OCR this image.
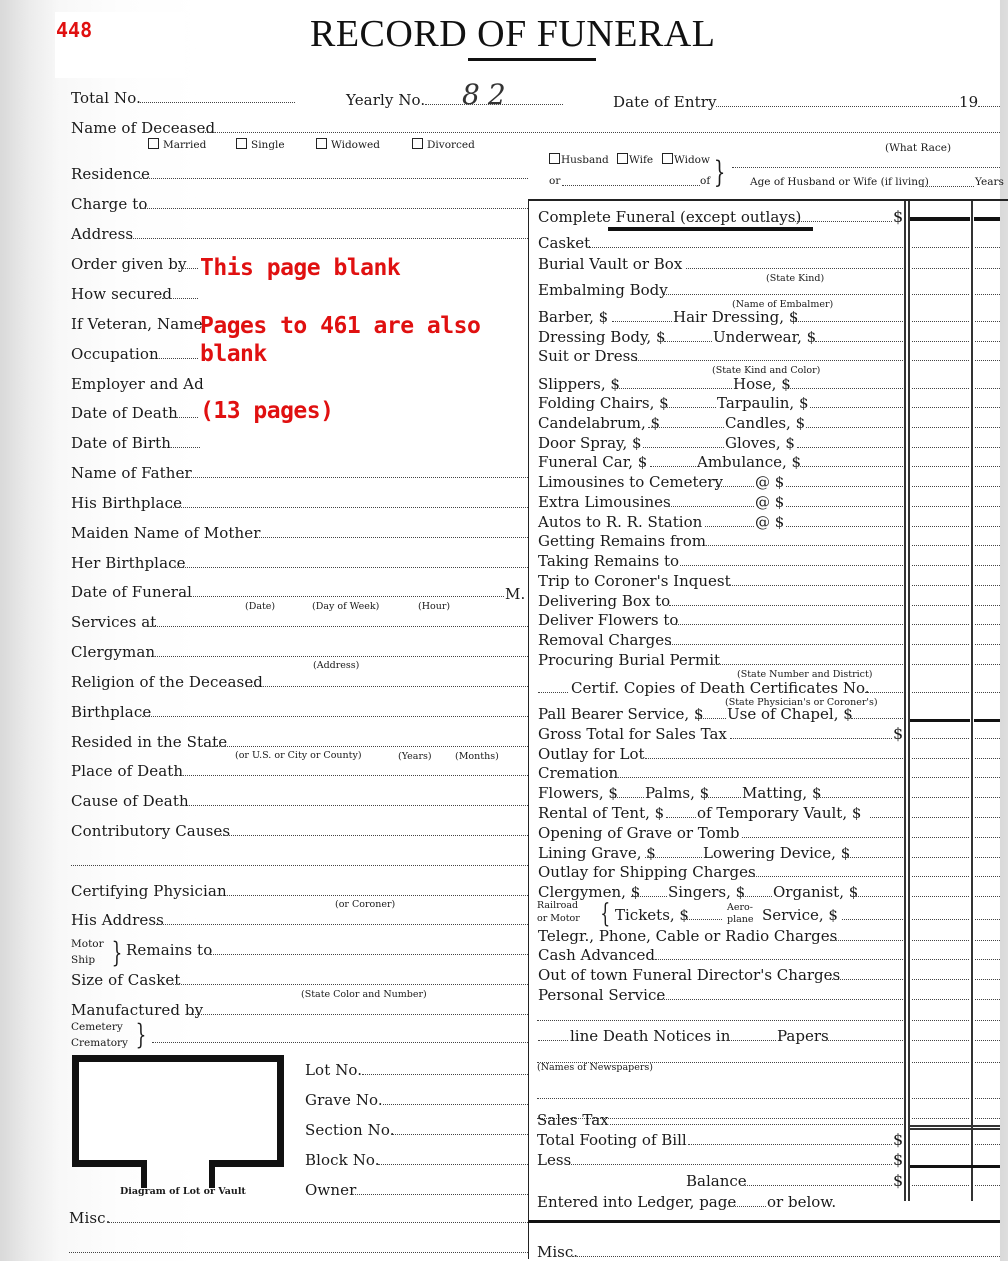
448	RECORD OF FUNERAL
Total No.	Yearly No. 82	Date of Entry	19
Name of Deceased
Married	Single	Widowed	Divorced	(What Race)
Husband	Wife	Widow
or	of } Age of Husband or Wife (if living)	Years
This page blank
Pages to 461 are also
blank
(13 pages)
Residence
Charge to
Address
Order given by
How secured
If Veteran, Name
Occupation
Employer and Ad
Date of Death
Date of Birth
Name of Father
His Birthplace
Maiden Name of Mother
Her Birthplace
Date of Funeral
Services at
Clergyman
Religion of the Deceased
Birthplace
Resided in the State
Place of Death
Cause of Death
Contributory Causes
Certifying Physician
His Address
Size of Casket
Manufactured by
(Date)	(Day of Week)	(Hour)
M.
(Address)
(or U.S. or City or County)	(Years) (Months)
(or Coroner)
(State Color and Number)
Motor
Ship } Remains to
Cemetery
Crematory }
Diagram of Lot or Vault
Lot No.
Grave No.
Section No.
Block No.
Owner
Misc.
Complete Funeral (except outlays)	$
Casket
Burial Vault or Box
Embalming Body
Barber, $	Hair Dressing, $
Dressing Body, $	Underwear, $
Suit or Dress
Slippers, $	Hose, $
Folding Chairs, $	Tarpaulin, $
Candelabrum, $	Candles, $
Door Spray, $	Gloves, $
Funeral Car, $	Ambulance, $
Limousines to Cemetery @ $
Extra Limousines	@ $
Autos to R. R. Station	@ $
Getting Remains from
Taking Remains to
Trip to Coroner's Inquest
Delivering Box to
Deliver Flowers to
Removal Charges
Procuring Burial Permit
Certif. Copies of Death Certificates No.
Pall Bearer Service, $ Use of Chapel, $
Gross Total for Sales Tax	$
Outlay for Lot
Cremation
Flowers, $ Palms, $ Matting, $
Rental of Tent, $ of Temporary Vault, $
Opening of Grave or Tomb
Lining Grave, $	Lowering Device, $
Outlay for Shipping Charges
Clergymen, $ Singers, $ Organist, $
Tickets, $	Service, $
Telegr., Phone, Cable or Radio Charges
Cash Advanced
Out of town Funeral Director's Charges
Personal Service
line Death Notices in	Papers
Sales Tax
Total Footing of Bill	$
Less	$
Balance	$
Entered into Ledger, page or below.
Misc.
{
(State Kind)
(Name of Embalmer)
(State Kind and Color)
(State Number and District)
(State Physician's or Coroner's)
(Names of Newspapers)
Railroad
or Motor
Aero-
plane
